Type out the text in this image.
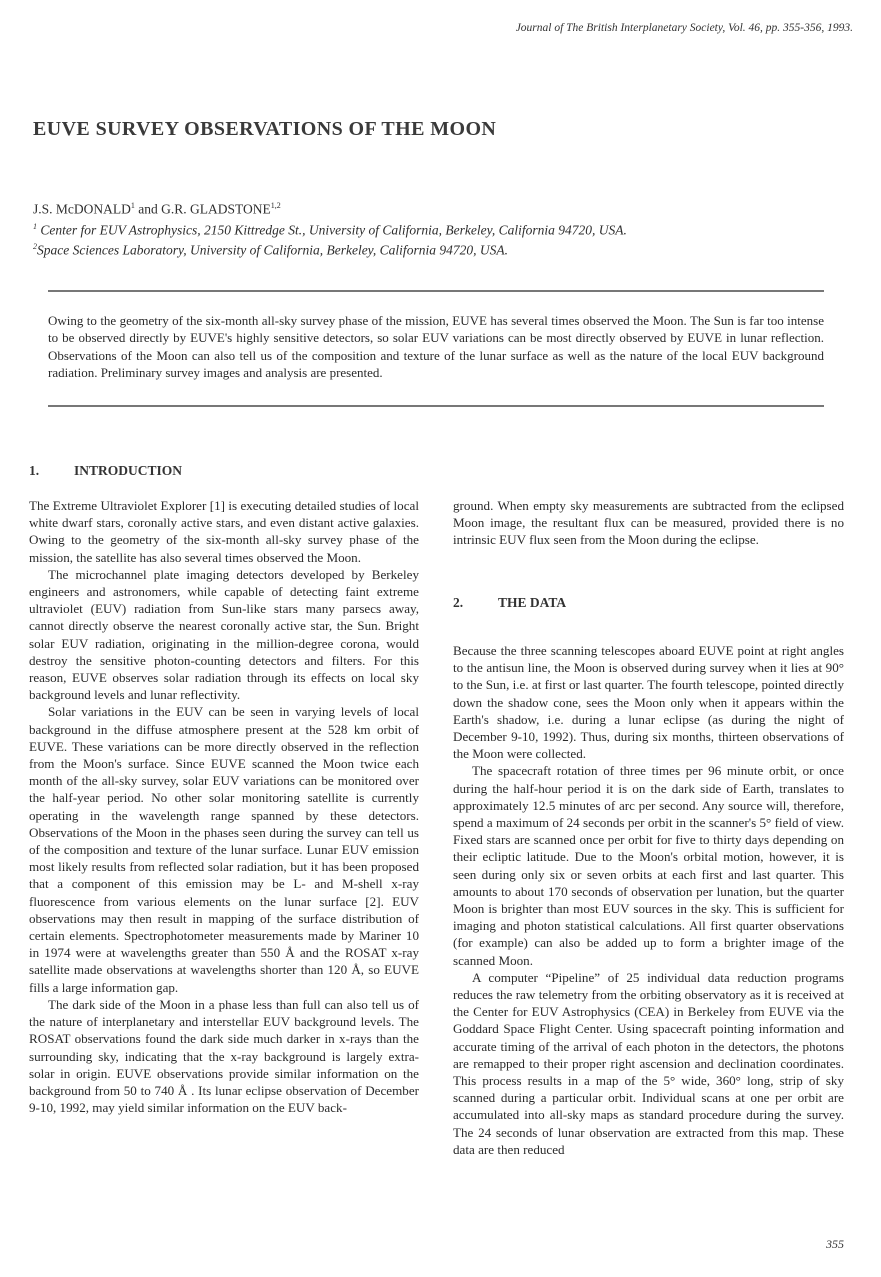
Journal of The British Interplanetary Society, Vol. 46, pp. 355-356, 1993.
EUVE SURVEY OBSERVATIONS OF THE MOON
J.S. McDONALD$^1$ and G.R. GLADSTONE$^{1,2}$
$^1$ Center for EUV Astrophysics, 2150 Kittredge St., University of California, Berkeley, California 94720, USA.
$^2$Space Sciences Laboratory, University of California, Berkeley, California 94720, USA.

Owing to the geometry of the six-month all-sky survey phase of the mission, EUVE has several times observed the Moon. The Sun is far too intense to be observed directly by EUVE's highly sensitive detectors, so solar EUV variations can be most directly observed by EUVE in lunar reflection. Observations of the Moon can also tell us of the composition and texture of the lunar surface as well as the nature of the local EUV background radiation. Preliminary survey images and analysis are presented.

1.	INTRODUCTION

The Extreme Ultraviolet Explorer [1] is executing detailed studies of local white dwarf stars, coronally active stars, and even distant active galaxies. Owing to the geometry of the six-month all-sky survey phase of the mission, the satellite has also several times observed the Moon.

The microchannel plate imaging detectors developed by Berkeley engineers and astronomers, while capable of detecting faint extreme ultraviolet (EUV) radiation from Sun-like stars many parsecs away, cannot directly observe the nearest coronally active star, the Sun. Bright solar EUV radiation, originating in the million-degree corona, would destroy the sensitive photon-counting detectors and filters. For this reason, EUVE observes solar radiation through its effects on local sky background levels and lunar reflectivity.

Solar variations in the EUV can be seen in varying levels of local background in the diffuse atmosphere present at the 528 km orbit of EUVE. These variations can be more directly observed in the reflection from the Moon's surface. Since EUVE scanned the Moon twice each month of the all-sky survey, solar EUV variations can be monitored over the half-year period. No other solar monitoring satellite is currently operating in the wavelength range spanned by these detectors. Observations of the Moon in the phases seen during the survey can tell us of the composition and texture of the lunar surface. Lunar EUV emission most likely results from reflected solar radiation, but it has been proposed that a component of this emission may be L- and M-shell x-ray fluorescence from various elements on the lunar surface [2]. EUV observations may then result in mapping of the surface distribution of certain elements. Spectrophotometer measurements made by Mariner 10 in 1974 were at wavelengths greater than 550 Å and the ROSAT x-ray satellite made observations at wavelengths shorter than 120 Å, so EUVE fills a large information gap.

The dark side of the Moon in a phase less than full can also tell us of the nature of interplanetary and interstellar EUV background levels. The ROSAT observations found the dark side much darker in x-rays than the surrounding sky, indicating that the x-ray background is largely extra-solar in origin. EUVE observations provide similar information on the background from 50 to 740 Å . Its lunar eclipse observation of December 9-10, 1992, may yield similar information on the EUV back-

ground. When empty sky measurements are subtracted from the eclipsed Moon image, the resultant flux can be measured, provided there is no intrinsic EUV flux seen from the Moon during the eclipse.

2.	THE DATA

Because the three scanning telescopes aboard EUVE point at right angles to the antisun line, the Moon is observed during survey when it lies at 90° to the Sun, i.e. at first or last quarter. The fourth telescope, pointed directly down the shadow cone, sees the Moon only when it appears within the Earth's shadow, i.e. during a lunar eclipse (as during the night of December 9-10, 1992). Thus, during six months, thirteen observations of the Moon were collected.

The spacecraft rotation of three times per 96 minute orbit, or once during the half-hour period it is on the dark side of Earth, translates to approximately 12.5 minutes of arc per second. Any source will, therefore, spend a maximum of 24 seconds per orbit in the scanner's 5° field of view. Fixed stars are scanned once per orbit for five to thirty days depending on their ecliptic latitude. Due to the Moon's orbital motion, however, it is seen during only six or seven orbits at each first and last quarter. This amounts to about 170 seconds of observation per lunation, but the quarter Moon is brighter than most EUV sources in the sky. This is sufficient for imaging and photon statistical calculations. All first quarter observations (for example) can also be added up to form a brighter image of the scanned Moon.

A computer “Pipeline” of 25 individual data reduction programs reduces the raw telemetry from the orbiting observatory as it is received at the Center for EUV Astrophysics (CEA) in Berkeley from EUVE via the Goddard Space Flight Center. Using spacecraft pointing information and accurate timing of the arrival of each photon in the detectors, the photons are remapped to their proper right ascension and declination coordinates. This process results in a map of the 5° wide, 360° long, strip of sky scanned during a particular orbit. Individual scans at one per orbit are accumulated into all-sky maps as standard procedure during the survey. The 24 seconds of lunar observation are extracted from this map. These data are then reduced

355
